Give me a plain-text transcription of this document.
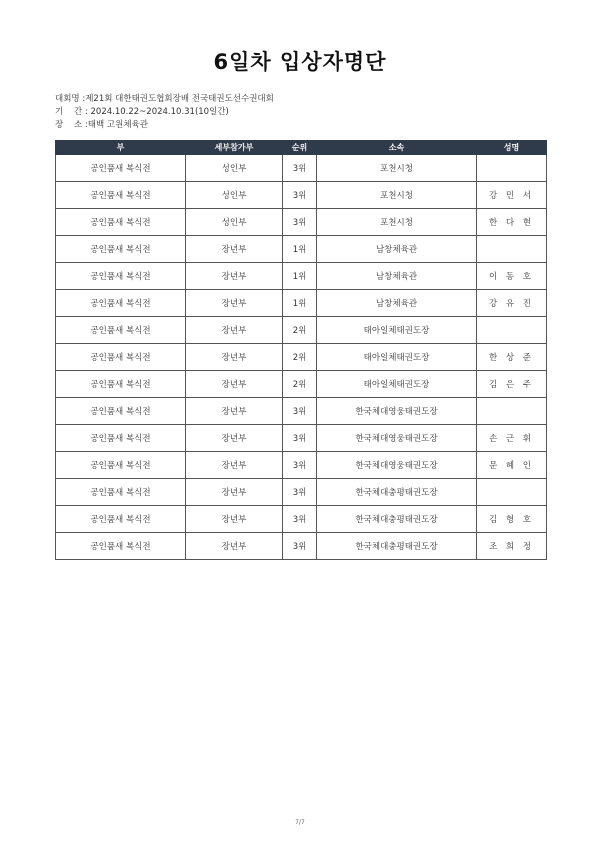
6일차 입상자명단
대회명 :제21회 대한태권도협회장배 전국태권도선수권대회
기    간 : 2024.10.22~2024.10.31(10일간)
장    소 :태백 고원체육관
부	세부참가부	순위	소속	성명
공인품새 복식전	성인부	3위	포천시청	
공인품새 복식전	성인부	3위	포천시청	강 민 서
공인품새 복식전	성인부	3위	포천시청	한 다 현
공인품새 복식전	장년부	1위	남창체육관	
공인품새 복식전	장년부	1위	남창체육관	이 동 호
공인품새 복식전	장년부	1위	남창체육관	강 유 진
공인품새 복식전	장년부	2위	태아일체태권도장	
공인품새 복식전	장년부	2위	태아일체태권도장	한 상 준
공인품새 복식전	장년부	2위	태아일체태권도장	김 은 주
공인품새 복식전	장년부	3위	한국체대영웅태권도장	
공인품새 복식전	장년부	3위	한국체대영웅태권도장	손 근 휘
공인품새 복식전	장년부	3위	한국체대영웅태권도장	문 혜 인
공인품새 복식전	장년부	3위	한국체대충평태권도장	
공인품새 복식전	장년부	3위	한국체대충평태권도장	김 형 호
공인품새 복식전	장년부	3위	한국체대충평태권도장	조 희 정
7/7
